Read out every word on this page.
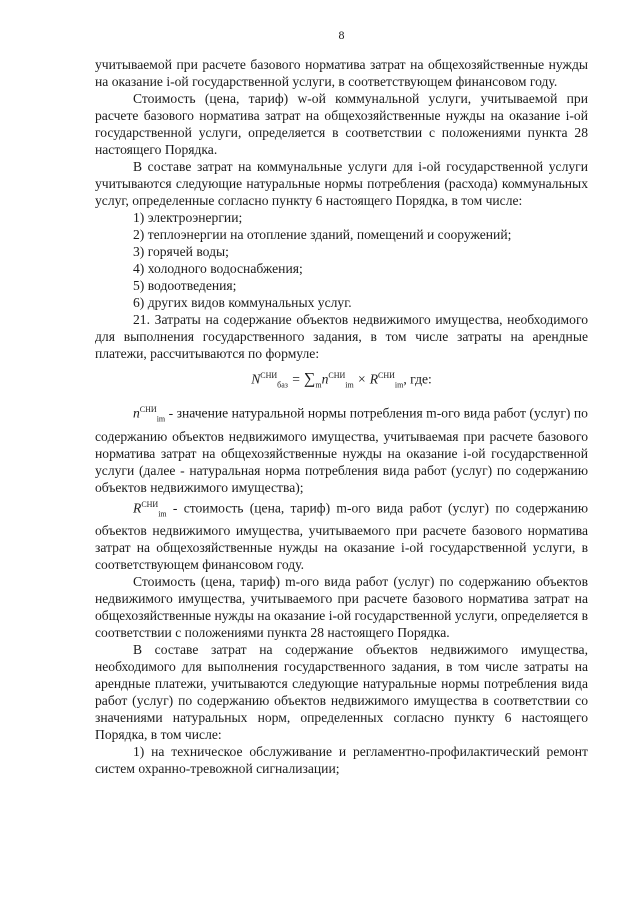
8

учитываемой при расчете базового норматива затрат на общехозяйственные нужды на оказание i-ой государственной услуги, в соответствующем финансовом году.

Стоимость (цена, тариф) w-ой коммунальной услуги, учитываемой при расчете базового норматива затрат на общехозяйственные нужды на оказание i-ой государственной услуги, определяется в соответствии с положениями пункта 28 настоящего Порядка.

В составе затрат на коммунальные услуги для i-ой государственной услуги учитываются следующие натуральные нормы потребления (расхода) коммунальных услуг, определенные согласно пункту 6 настоящего Порядка, в том числе:

1) электроэнергии;

2) теплоэнергии на отопление зданий, помещений и сооружений;

3) горячей воды;

4) холодного водоснабжения;

5) водоотведения;

6) других видов коммунальных услуг.

21. Затраты на содержание объектов недвижимого имущества, необходимого для выполнения государственного задания, в том числе затраты на арендные платежи, рассчитываются по формуле:

$N^{СНИ}_{баз} = \sum_mn^{СНИ}_{im} \times R^{СНИ}_{im}$, где:

$n^{СНИ}_{im}$ - значение натуральной нормы потребления m-ого вида работ (услуг) по содержанию объектов недвижимого имущества, учитываемая при расчете базового норматива затрат на общехозяйственные нужды на оказание i-ой государственной услуги (далее - натуральная норма потребления вида работ (услуг) по содержанию объектов недвижимого имущества);

$R^{СНИ}_{im}$ - стоимость (цена, тариф) m-ого вида работ (услуг) по содержанию объектов недвижимого имущества, учитываемого при расчете базового норматива затрат на общехозяйственные нужды на оказание i-ой государственной услуги, в соответствующем финансовом году.

Стоимость (цена, тариф) m-ого вида работ (услуг) по содержанию объектов недвижимого имущества, учитываемого при расчете базового норматива затрат на общехозяйственные нужды на оказание i-ой государственной услуги, определяется в соответствии с положениями пункта 28 настоящего Порядка.

В составе затрат на содержание объектов недвижимого имущества, необходимого для выполнения государственного задания, в том числе затраты на арендные платежи, учитываются следующие натуральные нормы потребления вида работ (услуг) по содержанию объектов недвижимого имущества в соответствии со значениями натуральных норм, определенных согласно пункту 6 настоящего Порядка, в том числе:

1) на техническое обслуживание и регламентно-профилактический ремонт систем охранно-тревожной сигнализации;
